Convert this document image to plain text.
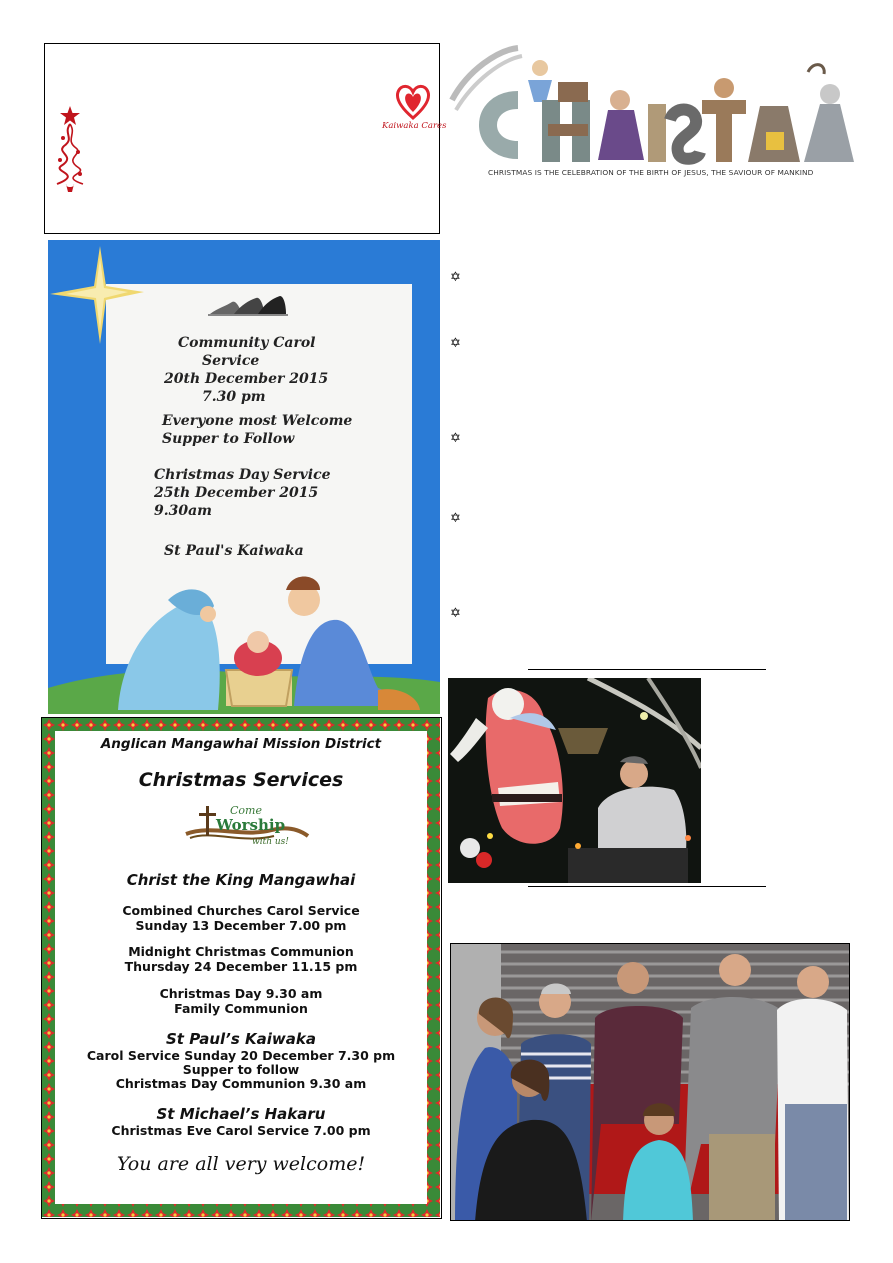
Kaiwaka Cares
CHRISTMAS IS THE CELEBRATION OF THE BIRTH OF JESUS, THE SAVIOUR OF MANKIND
Community Carol
Service
20th December 2015
7.30 pm
Everyone most Welcome
Supper to Follow
Christmas Day Service
25th December 2015
9.30am
St Paul's Kaiwaka
✡
✡
✡
✡
✡
Anglican Mangawhai Mission District
Christmas Services
Come
Worship
with us!
Christ the King Mangawhai
Combined Churches Carol Service
Sunday 13 December 7.00 pm
Midnight Christmas Communion
Thursday 24 December 11.15 pm
Christmas Day 9.30 am
Family Communion
St Paul’s Kaiwaka
Carol Service Sunday 20 December 7.30 pm
Supper to follow
Christmas Day Communion 9.30 am
St Michael’s Hakaru
Christmas Eve Carol Service 7.00 pm
You are all very welcome!
